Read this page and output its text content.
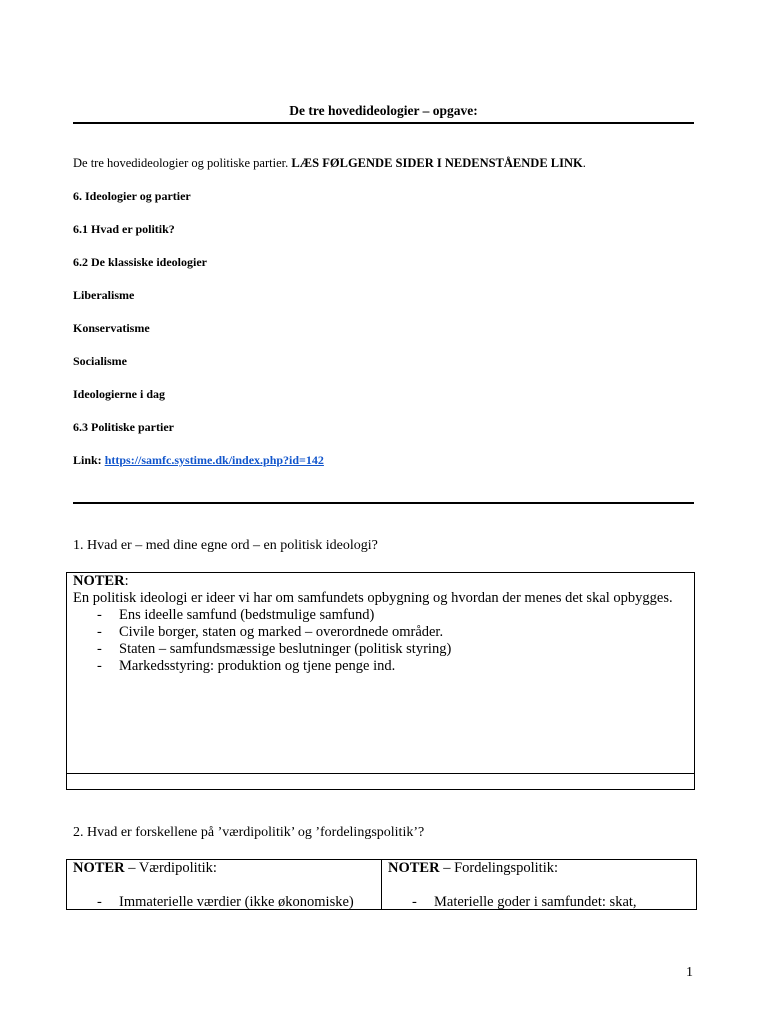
De tre hovedideologier – opgave:
De tre hovedideologier og politiske partier. LÆS FØLGENDE SIDER I NEDENSTÅENDE LINK.
6. Ideologier og partier
6.1 Hvad er politik?
6.2 De klassiske ideologier
Liberalisme
Konservatisme
Socialisme
Ideologierne i dag
6.3 Politiske partier
Link: https://samfc.systime.dk/index.php?id=142
1. Hvad er – med dine egne ord – en politisk ideologi?
NOTER:
En politisk ideologi er ideer vi har om samfundets opbygning og hvordan der menes det skal opbygges.
- Ens ideelle samfund (bedstmulige samfund)
- Civile borger, staten og marked – overordnede områder.
- Staten – samfundsmæssige beslutninger (politisk styring)
- Markedsstyring: produktion og tjene penge ind.
2. Hvad er forskellene på ’værdipolitik’ og ’fordelingspolitik’?
NOTER – Værdipolitik:
- Immaterielle værdier (ikke økonomiske)
NOTER – Fordelingspolitik:
- Materielle goder i samfundet: skat,
1
